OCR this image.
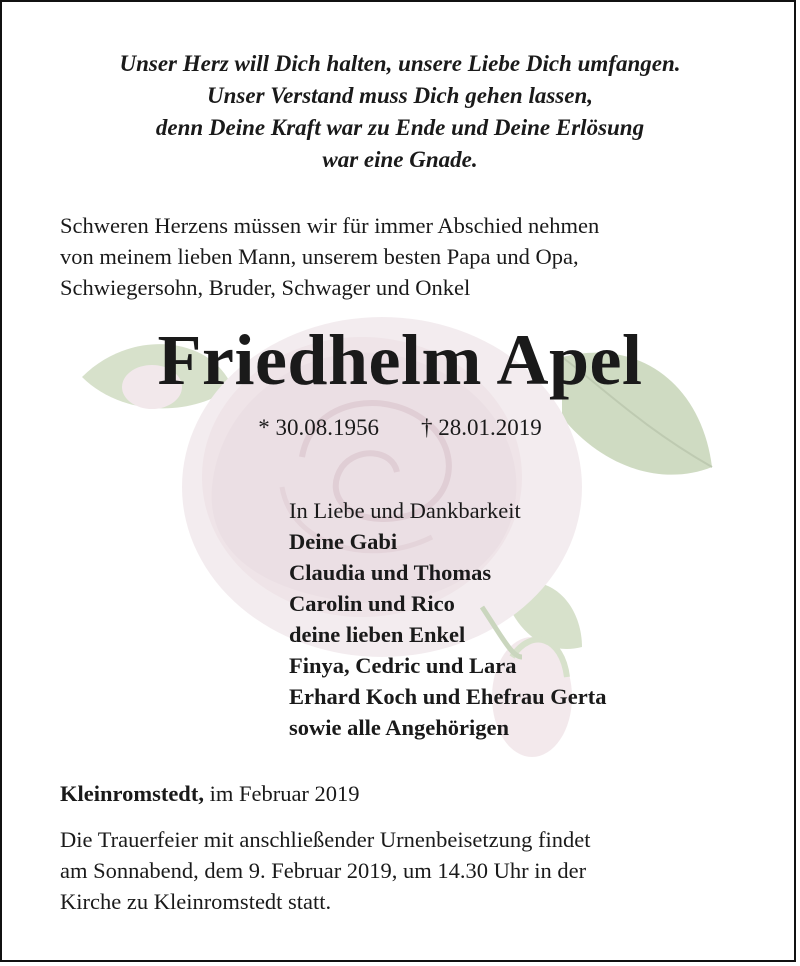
Unser Herz will Dich halten, unsere Liebe Dich umfangen.
Unser Verstand muss Dich gehen lassen,
denn Deine Kraft war zu Ende und Deine Erlösung
war eine Gnade.
Schweren Herzens müssen wir für immer Abschied nehmen
von meinem lieben Mann, unserem besten Papa und Opa,
Schwiegersohn, Bruder, Schwager und Onkel
Friedhelm Apel
* 30.08.1956 † 28.01.2019
In Liebe und Dankbarkeit
Deine Gabi
Claudia und Thomas
Carolin und Rico
deine lieben Enkel
Finya, Cedric und Lara
Erhard Koch und Ehefrau Gerta
sowie alle Angehörigen
Kleinromstedt, im Februar 2019
Die Trauerfeier mit anschließender Urnenbeisetzung findet
am Sonnabend, dem 9. Februar 2019, um 14.30 Uhr in der
Kirche zu Kleinromstedt statt.
